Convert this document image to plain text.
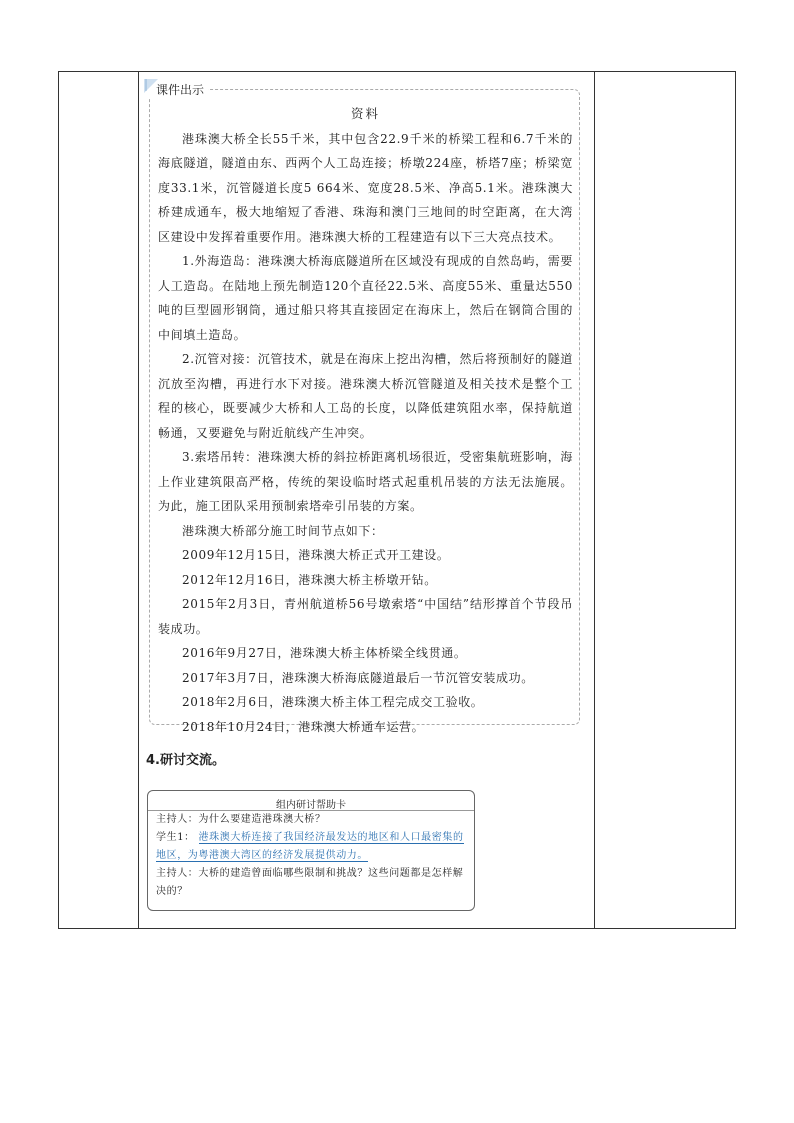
课件出示
资料

港珠澳大桥全长55千米，其中包含22.9千米的桥梁工程和6.7千米的海底隧道，隧道由东、西两个人工岛连接；桥墩224座，桥塔7座；桥梁宽度33.1米，沉管隧道长度5 664米、宽度28.5米、净高5.1米。港珠澳大桥建成通车，极大地缩短了香港、珠海和澳门三地间的时空距离，在大湾区建设中发挥着重要作用。港珠澳大桥的工程建造有以下三大亮点技术。

1.外海造岛：港珠澳大桥海底隧道所在区域没有现成的自然岛屿，需要人工造岛。在陆地上预先制造120个直径22.5米、高度55米、重量达550吨的巨型圆形钢筒，通过船只将其直接固定在海床上，然后在钢筒合围的中间填土造岛。

2.沉管对接：沉管技术，就是在海床上挖出沟槽，然后将预制好的隧道沉放至沟槽，再进行水下对接。港珠澳大桥沉管隧道及相关技术是整个工程的核心，既要减少大桥和人工岛的长度，以降低建筑阻水率，保持航道畅通，又要避免与附近航线产生冲突。

3.索塔吊转：港珠澳大桥的斜拉桥距离机场很近，受密集航班影响，海上作业建筑限高严格，传统的架设临时塔式起重机吊装的方法无法施展。为此，施工团队采用预制索塔牵引吊装的方案。

港珠澳大桥部分施工时间节点如下：

2009年12月15日，港珠澳大桥正式开工建设。

2012年12月16日，港珠澳大桥主桥墩开钻。

2015年2月3日，青州航道桥56号墩索塔“中国结”结形撑首个节段吊装成功。

2016年9月27日，港珠澳大桥主体桥梁全线贯通。

2017年3月7日，港珠澳大桥海底隧道最后一节沉管安装成功。

2018年2月6日，港珠澳大桥主体工程完成交工验收。

2018年10月24日，港珠澳大桥通车运营。

4.研讨交流。
组内研讨帮助卡
主持人：为什么要建造港珠澳大桥？
学生1： 港珠澳大桥连接了我国经济最发达的地区和人口最密集的地区，为粤港澳大湾区的经济发展提供动力。
主持人：大桥的建造曾面临哪些限制和挑战？这些问题都是怎样解决的？
